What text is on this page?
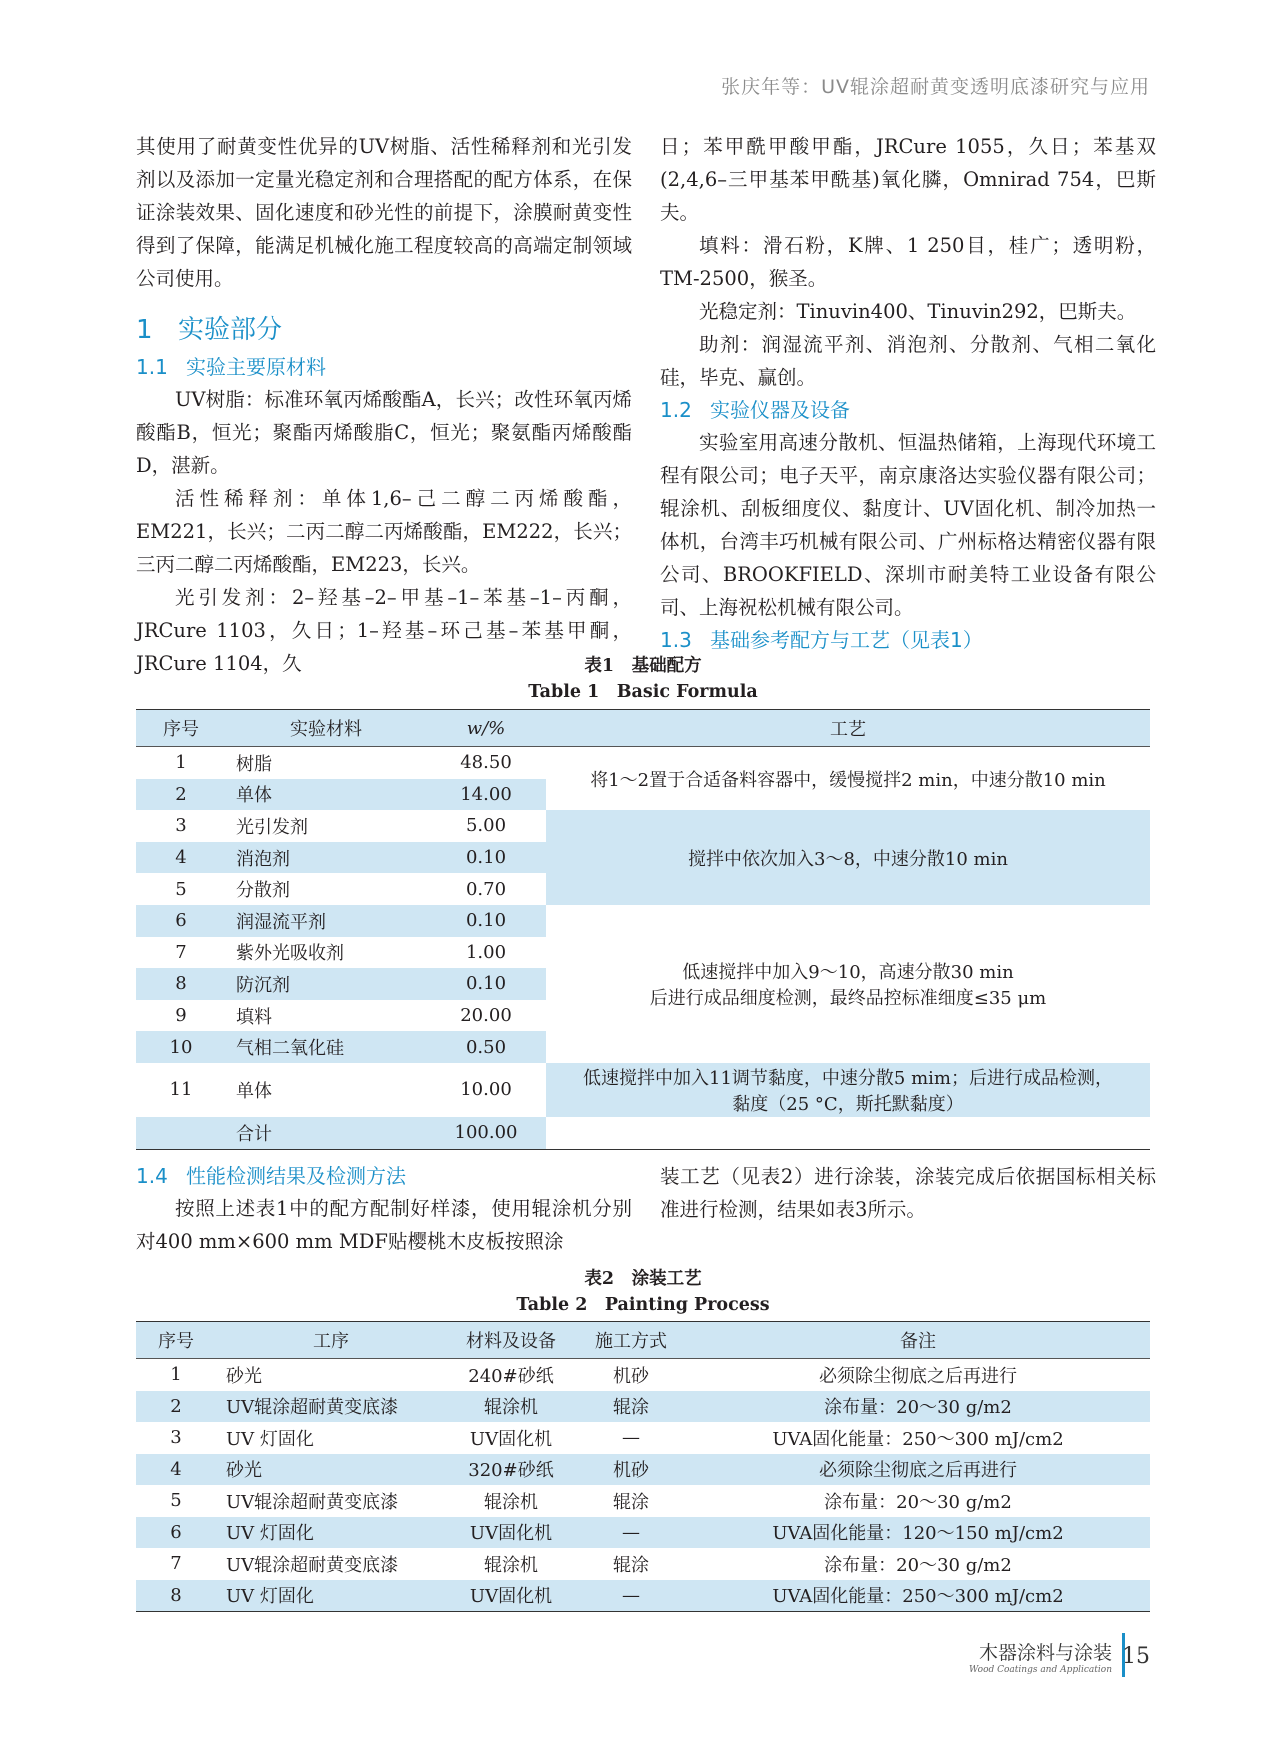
张庆年等：UV辊涂超耐黄变透明底漆研究与应用

其使用了耐黄变性优异的UV树脂、活性稀释剂和光引发剂以及添加一定量光稳定剂和合理搭配的配方体系，在保证涂装效果、固化速度和砂光性的前提下，涂膜耐黄变性得到了保障，能满足机械化施工程度较高的高端定制领域公司使用。

1 实验部分
1.1 实验主要原材料

UV树脂：标准环氧丙烯酸酯A，长兴；改性环氧丙烯酸酯B，恒光；聚酯丙烯酸脂C，恒光；聚氨酯丙烯酸酯D，湛新。

活性稀释剂：单体1,6–己二醇二丙烯酸酯，EM221，长兴；二丙二醇二丙烯酸酯，EM222，长兴；三丙二醇二丙烯酸酯，EM223，长兴。

光引发剂：2–羟基–2–甲基–1–苯基–1–丙酮，JRCure 1103，久日；1–羟基–环己基–苯基甲酮，JRCure 1104，久

日；苯甲酰甲酸甲酯，JRCure 1055，久日；苯基双(2,4,6–三甲基苯甲酰基)氧化膦，Omnirad 754，巴斯夫。

填料：滑石粉，K牌、1 250目，桂广；透明粉，TM-2500，猴圣。

光稳定剂：Tinuvin400、Tinuvin292，巴斯夫。

助剂：润湿流平剂、消泡剂、分散剂、气相二氧化硅，毕克、赢创。

1.2 实验仪器及设备

实验室用高速分散机、恒温热储箱，上海现代环境工程有限公司；电子天平，南京康洛达实验仪器有限公司；辊涂机、刮板细度仪、黏度计、UV固化机、制冷加热一体机，台湾丰巧机械有限公司、广州标格达精密仪器有限公司、BROOKFIELD、深圳市耐美特工业设备有限公司、上海祝松机械有限公司。

1.3 基础参考配方与工艺（见表1）
表1　基础配方
Table 1　Basic Formula
序号	实验材料	w/%	工艺
1	树脂	48.50	将1～2置于合适备料容器中，缓慢搅拌2 min，中速分散10 min
2	单体	14.00	
3	光引发剂	5.00	搅拌中依次加入3～8，中速分散10 min
4	消泡剂	0.10	
5	分散剂	0.70	
6	润湿流平剂	0.10	低速搅拌中加入9～10，高速分散30 min
后进行成品细度检测，最终品控标准细度≤35 μm

7	紫外光吸收剂	1.00	
8	防沉剂	0.10	
9	填料	20.00	
10	气相二氧化硅	0.50	
11	单体	10.00	低速搅拌中加入11调节黏度，中速分散5 mim；后进行成品检测，
黏度（25 °C，斯托默黏度）

	合计	100.00	
1.4 性能检测结果及检测方法

按照上述表1中的配方配制好样漆，使用辊涂机分别对400 mm×600 mm MDF贴樱桃木皮板按照涂

装工艺（见表2）进行涂装，涂装完成后依据国标相关标准进行检测，结果如表3所示。

表2　涂装工艺
Table 2　Painting Process
序号	工序	材料及设备	施工方式	备注
1	砂光	240#砂纸	机砂	必须除尘彻底之后再进行
2	UV辊涂超耐黄变底漆	辊涂机	辊涂	涂布量：20～30 g/m2
3	UV 灯固化	UV固化机	—	UVA固化能量：250～300 mJ/cm2
4	砂光	320#砂纸	机砂	必须除尘彻底之后再进行
5	UV辊涂超耐黄变底漆	辊涂机	辊涂	涂布量：20～30 g/m2
6	UV 灯固化	UV固化机	—	UVA固化能量：120～150 mJ/cm2
7	UV辊涂超耐黄变底漆	辊涂机	辊涂	涂布量：20～30 g/m2
8	UV 灯固化	UV固化机	—	UVA固化能量：250～300 mJ/cm2
木器涂料与涂装
Wood Coatings and Application
15
